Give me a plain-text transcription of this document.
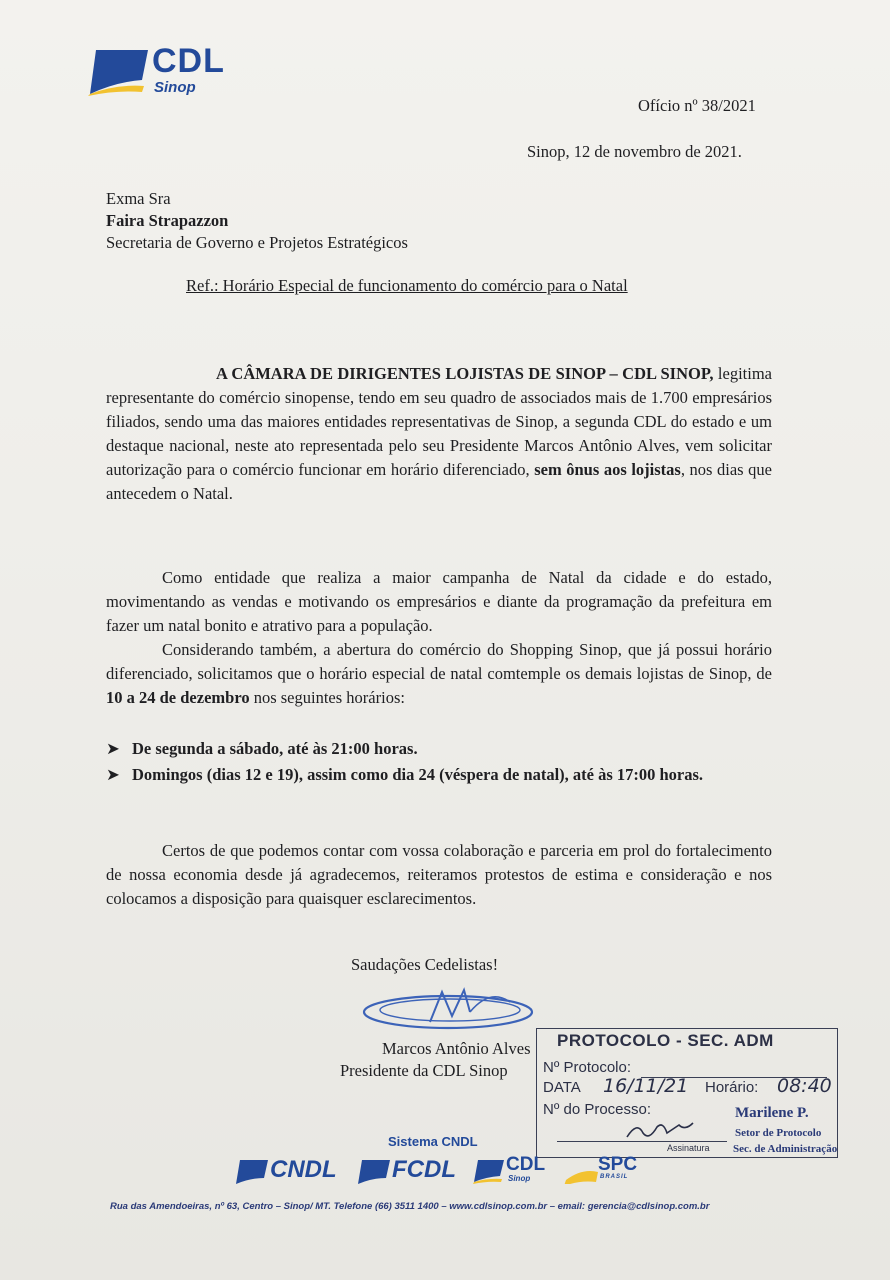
CDL
Sinop
Ofício nº 38/2021
Sinop, 12 de novembro de 2021.
Exma Sra
Faira Strapazzon
Secretaria de Governo e Projetos Estratégicos
Ref.: Horário Especial de funcionamento do comércio para o Natal
A CÂMARA DE DIRIGENTES LOJISTAS DE SINOP – CDL SINOP, legitima representante do comércio sinopense, tendo em seu quadro de associados mais de 1.700 empresários filiados, sendo uma das maiores entidades representativas de Sinop, a segunda CDL do estado e um destaque nacional, neste ato representada pelo seu Presidente Marcos Antônio Alves, vem solicitar autorização para o comércio funcionar em horário diferenciado, sem ônus aos lojistas, nos dias que antecedem o Natal.
Como entidade que realiza a maior campanha de Natal da cidade e do estado, movimentando as vendas e motivando os empresários e diante da programação da prefeitura em fazer um natal bonito e atrativo para a população.
Considerando também, a abertura do comércio do Shopping Sinop, que já possui horário diferenciado, solicitamos que o horário especial de natal comtemple os demais lojistas de Sinop, de 10 a 24 de dezembro nos seguintes horários:
➤ De segunda a sábado, até às 21:00 horas.
➤ Domingos (dias 12 e 19), assim como dia 24 (véspera de natal), até às 17:00 horas.
Certos de que podemos contar com vossa colaboração e parceria em prol do fortalecimento de nossa economia desde já agradecemos, reiteramos protestos de estima e consideração e nos colocamos a disposição para quaisquer esclarecimentos.
Saudações Cedelistas!
Marcos Antônio Alves
Presidente da CDL Sinop
PROTOCOLO - SEC. ADM
Nº Protocolo:
DATA 16/11/21 Horário: 08:40
Nº do Processo:	Marilene P.
Assinatura
Setor de Protocolo
Sec. de Administração
Sistema CNDL
CNDL FCDL	CDL
Sinop
SPC
BRASIL
Rua das Amendoeiras, nº 63, Centro – Sinop/ MT. Telefone (66) 3511 1400 – www.cdlsinop.com.br – email: gerencia@cdlsinop.com.br
